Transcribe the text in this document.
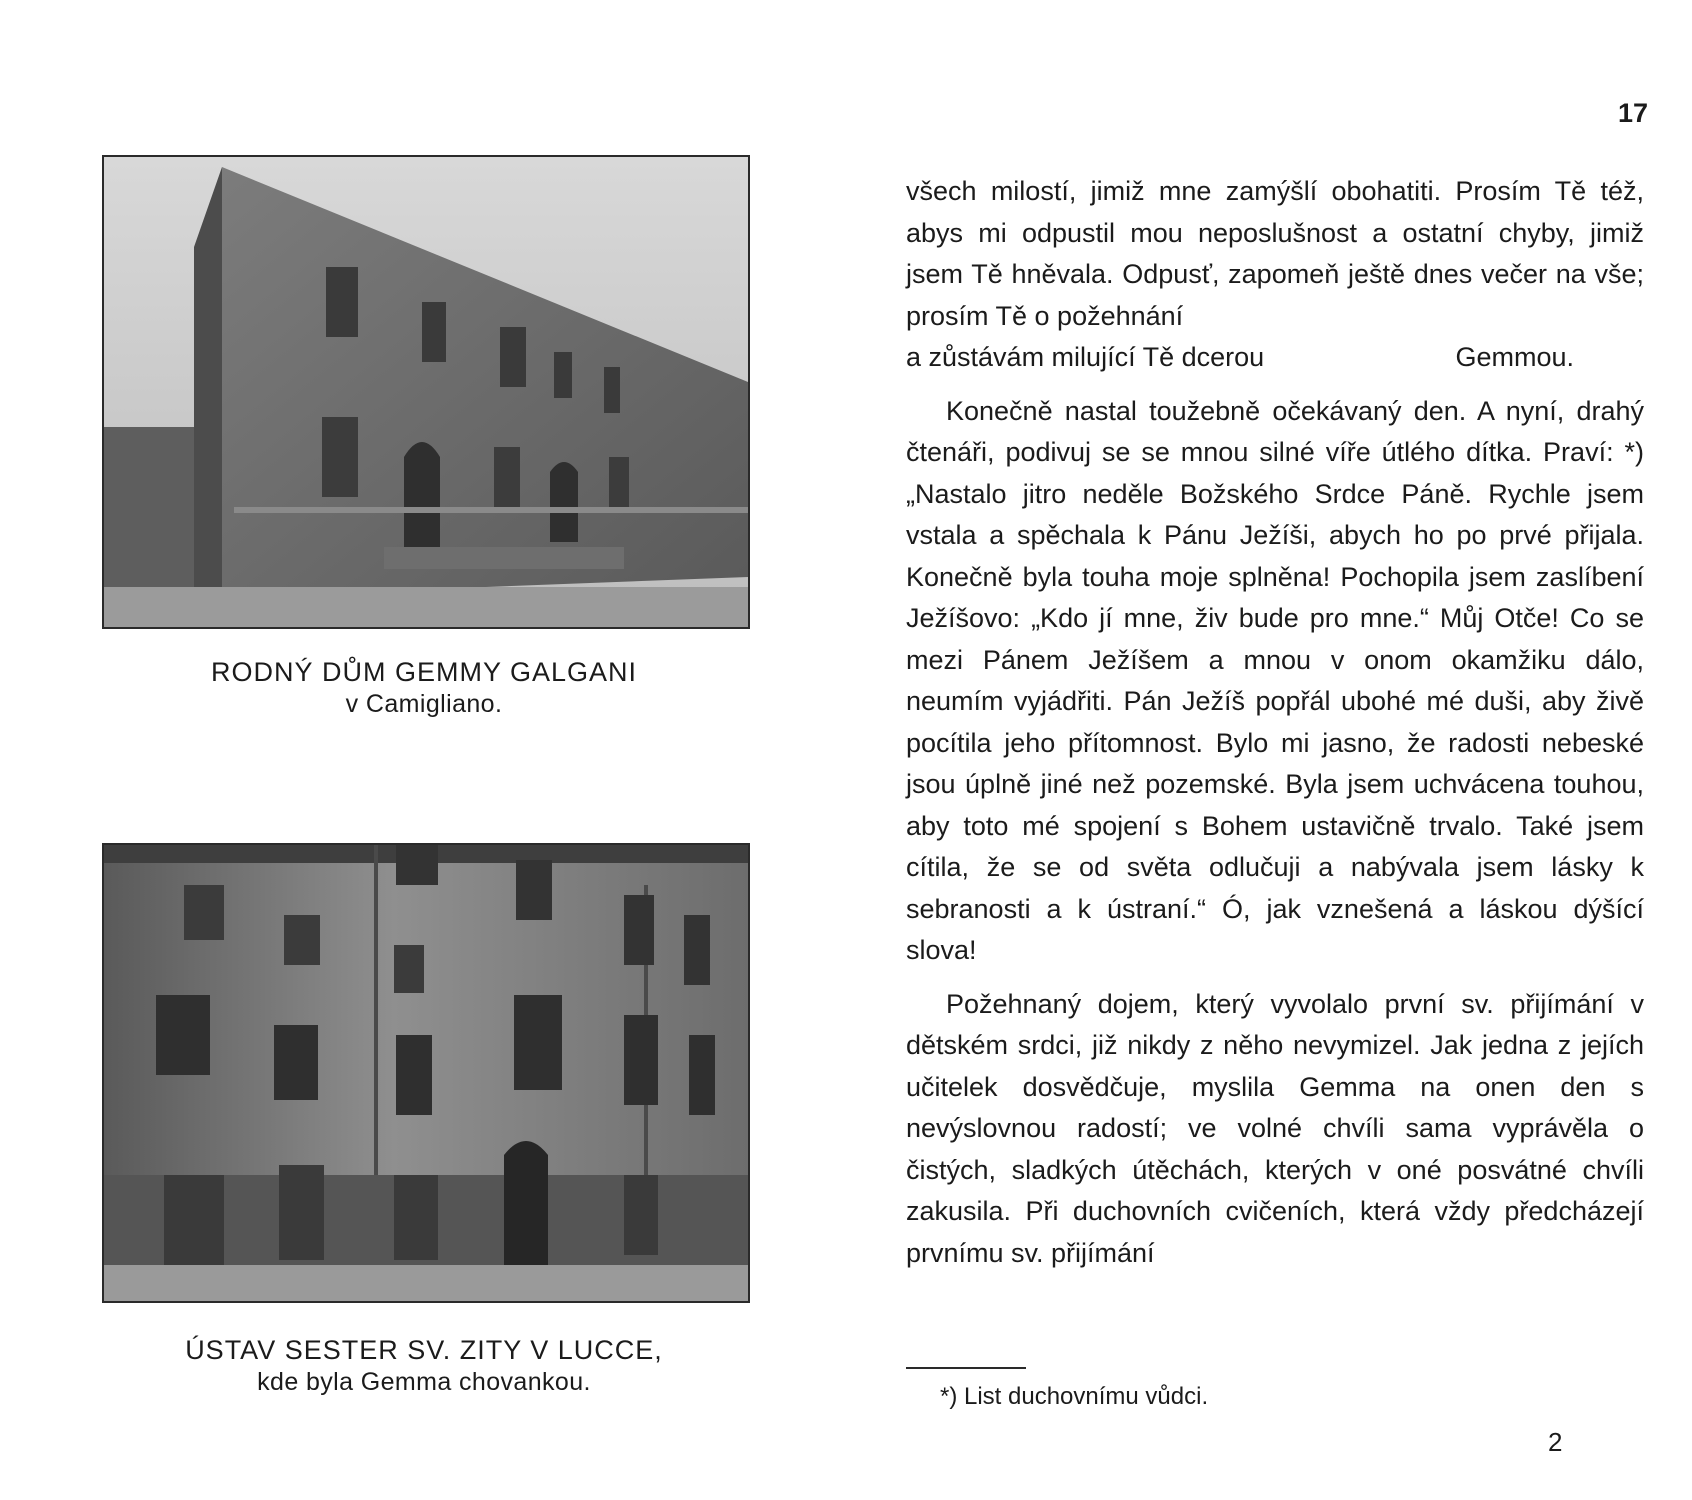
17
RODNÝ DŮM GEMMY GALGANI
v Camigliano.
ÚSTAV SESTER SV. ZITY V LUCCE,
kde byla Gemma chovankou.

všech milostí, jimiž mne zamýšlí obohatiti. Prosím Tě též, abys mi odpustil mou neposlušnost a ostatní chyby, jimiž jsem Tě hněvala. Odpusť, zapomeň ještě dnes večer na vše; prosím Tě o požehnání

a zůstávám milující Tě dcerou	Gemmou.

Konečně nastal toužebně očekávaný den. A nyní, drahý čtenáři, podivuj se se mnou silné víře útlého dítka. Praví: *) „Nastalo jitro neděle Božského Srdce Páně. Rychle jsem vstala a spěchala k Pánu Ježíši, abych ho po prvé přijala. Konečně byla touha moje splněna! Pochopila jsem zaslíbení Ježíšovo: „Kdo jí mne, živ bude pro mne.“ Můj Otče! Co se mezi Pánem Ježíšem a mnou v onom okamžiku dálo, neumím vyjádřiti. Pán Ježíš popřál ubohé mé duši, aby živě pocítila jeho přítomnost. Bylo mi jasno, že radosti nebeské jsou úplně jiné než pozemské. Byla jsem uchvácena touhou, aby toto mé spojení s Bohem ustavičně trvalo. Také jsem cítila, že se od světa odlučuji a nabývala jsem lásky k sebranosti a k ústraní.“ Ó, jak vznešená a láskou dýšící slova!

Požehnaný dojem, který vyvolalo první sv. přijímání v dětském srdci, již nikdy z něho nevymizel. Jak jedna z jejích učitelek dosvědčuje, myslila Gemma na onen den s nevýslovnou radostí; ve volné chvíli sama vyprávěla o čistých, sladkých útěchách, kterých v oné posvátné chvíli zakusila. Při duchovních cvičeních, která vždy předcházejí prvnímu sv. přijímání

*) List duchovnímu vůdci.
2
